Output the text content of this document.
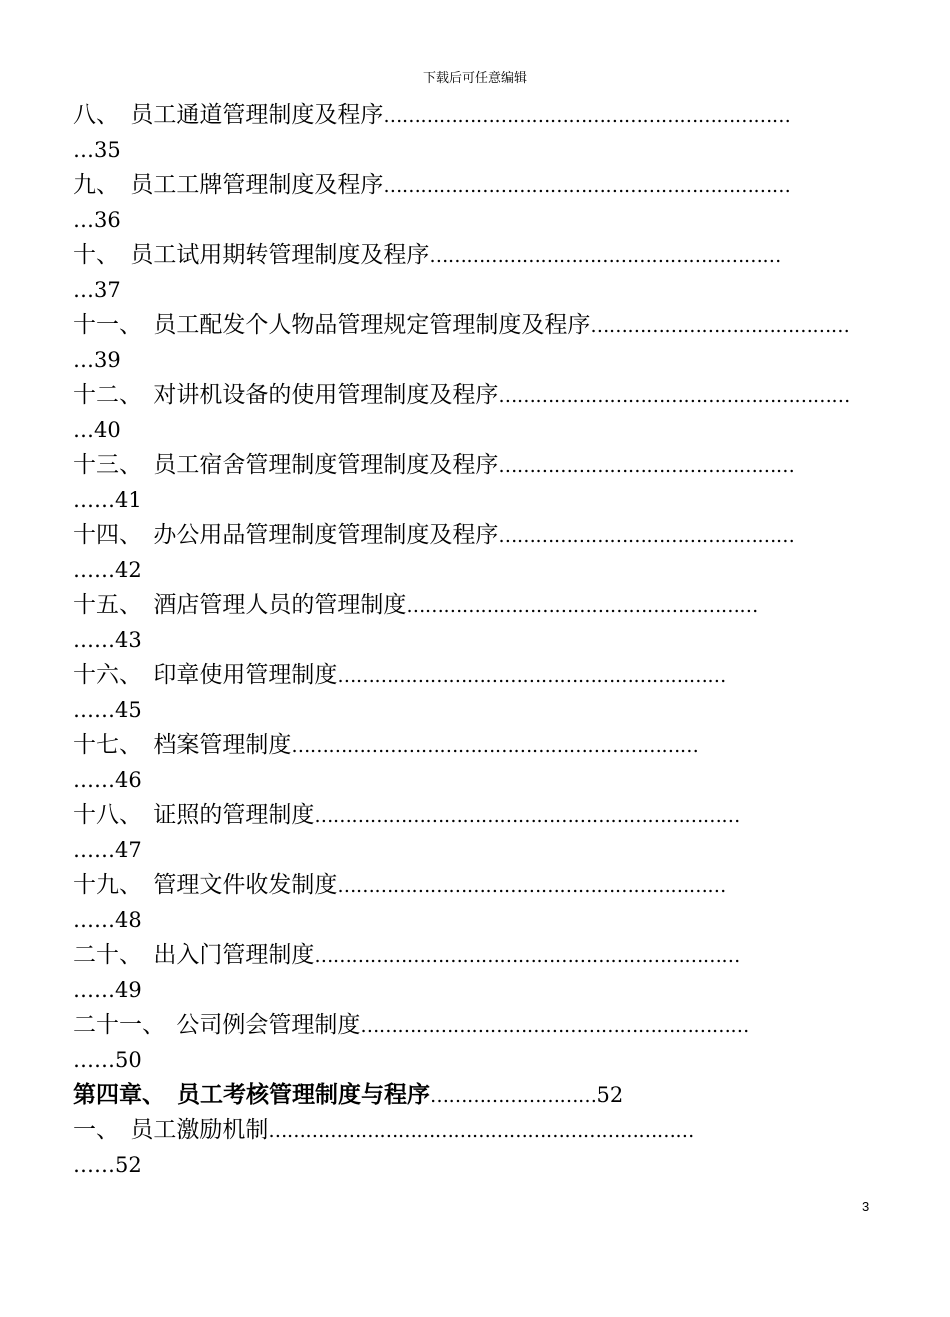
下载后可任意编辑
八、 员工通道管理制度及程序…………………………………………………………
…35
九、 员工工牌管理制度及程序…………………………………………………………
…36
十、 员工试用期转管理制度及程序…………………………………………………
…37
十一、 员工配发个人物品管理规定管理制度及程序……………………………………
…39
十二、 对讲机设备的使用管理制度及程序…………………………………………………
…40
十三、 员工宿舍管理制度管理制度及程序…………………………………………
……41
十四、 办公用品管理制度管理制度及程序…………………………………………
……42
十五、 酒店管理人员的管理制度…………………………………………………
……43
十六、 印章使用管理制度………………………………………………………
……45
十七、 档案管理制度…………………………………………………………
……46
十八、 证照的管理制度……………………………………………………………
……47
十九、 管理文件收发制度………………………………………………………
……48
二十、 出入门管理制度……………………………………………………………
……49
二十一、 公司例会管理制度………………………………………………………
……50
第四章、 员工考核管理制度与程序………………………52
一、 员工激励机制……………………………………………………………
……52
3
